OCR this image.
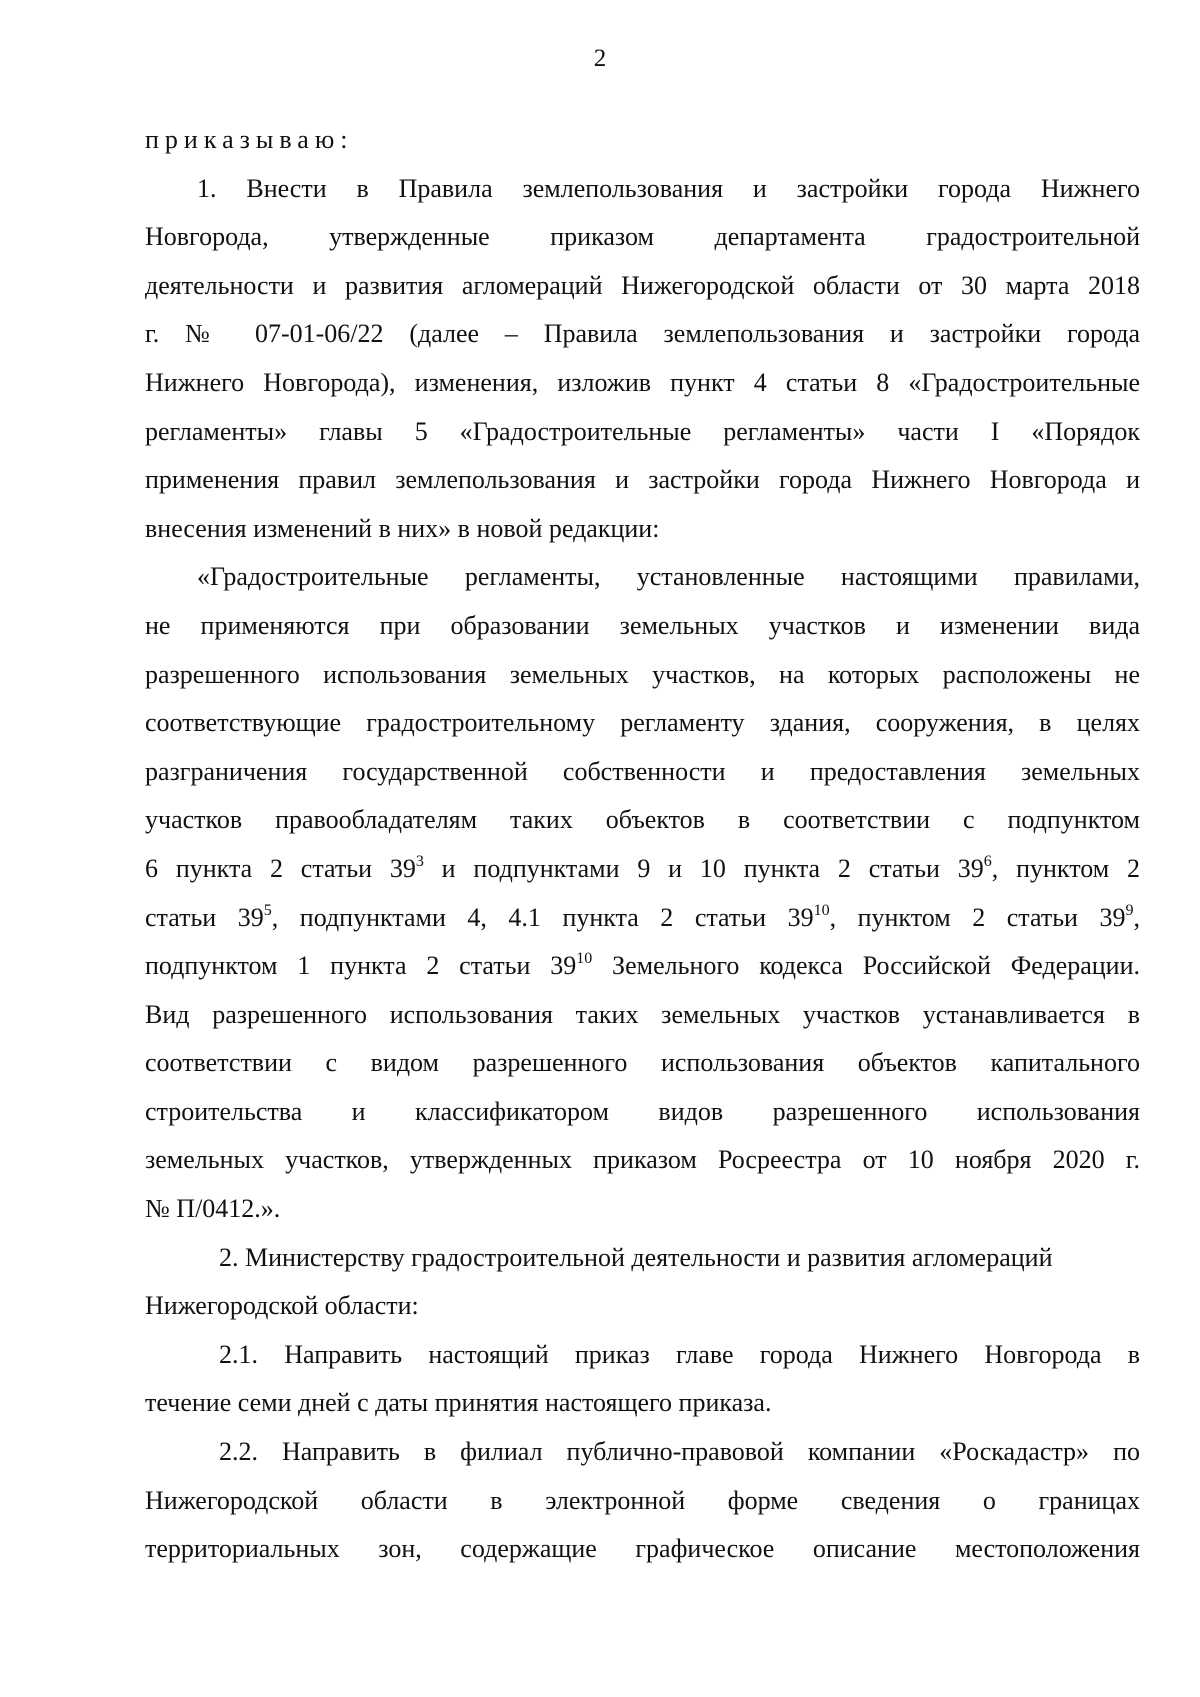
2
приказываю:
1. Внести в Правила землепользования и застройки города Нижнего
Новгорода, утвержденные приказом департамента градостроительной
деятельности и развития агломераций Нижегородской области от 30 марта 2018
г. № 07-01-06/22 (далее – Правила землепользования и застройки города
Нижнего Новгорода), изменения, изложив пункт 4 статьи 8 «Градостроительные
регламенты» главы 5 «Градостроительные регламенты» части I «Порядок
применения правил землепользования и застройки города Нижнего Новгорода и
внесения изменений в них» в новой редакции:
«Градостроительные регламенты, установленные настоящими правилами,
не применяются при образовании земельных участков и изменении вида
разрешенного использования земельных участков, на которых расположены не
соответствующие градостроительному регламенту здания, сооружения, в целях
разграничения государственной собственности и предоставления земельных
участков правообладателям таких объектов в соответствии с подпунктом
6 пункта 2 статьи $39^3$ и подпунктами 9 и 10 пункта 2 статьи $39^6$, пунктом 2
статьи $39^5$, подпунктами 4, 4.1 пункта 2 статьи $39^{10}$, пунктом 2 статьи $39^9$,
подпунктом 1 пункта 2 статьи $39^{10}$ Земельного кодекса Российской Федерации.
Вид разрешенного использования таких земельных участков устанавливается в
соответствии с видом разрешенного использования объектов капитального
строительства и классификатором видов разрешенного использования
земельных участков, утвержденных приказом Росреестра от 10 ноября 2020 г.
№ П/0412.».
2. Министерству градостроительной деятельности и развития агломераций
Нижегородской области:
2.1. Направить настоящий приказ главе города Нижнего Новгорода в
течение семи дней с даты принятия настоящего приказа.
2.2. Направить в филиал публично-правовой компании «Роскадастр» по
Нижегородской области в электронной форме сведения о границах
территориальных зон, содержащие графическое описание местоположения
